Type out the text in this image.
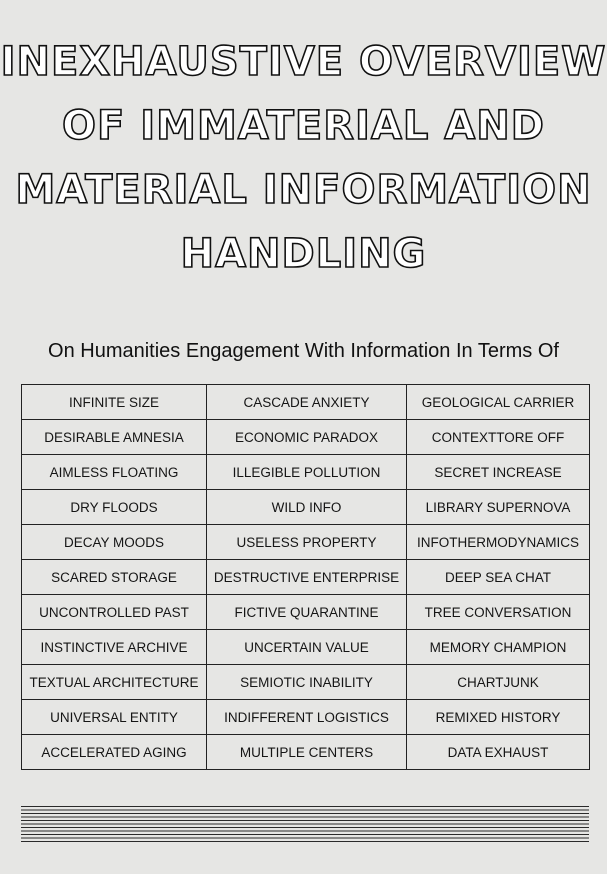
INEXHAUSTIVE OVERVIEW
OF IMMATERIAL AND
MATERIAL INFORMATION
HANDLING
On Humanities Engagement With Information In Terms Of
INFINITE SIZE	CASCADE ANXIETY	GEOLOGICAL CARRIER
DESIRABLE AMNESIA	ECONOMIC PARADOX	CONTEXTTORE OFF
AIMLESS FLOATING	ILLEGIBLE POLLUTION	SECRET INCREASE
DRY FLOODS	WILD INFO	LIBRARY SUPERNOVA
DECAY MOODS	USELESS PROPERTY	INFOTHERMODYNAMICS
SCARED STORAGE	DESTRUCTIVE ENTERPRISE	DEEP SEA CHAT
UNCONTROLLED PAST	FICTIVE QUARANTINE	TREE CONVERSATION
INSTINCTIVE ARCHIVE	UNCERTAIN VALUE	MEMORY CHAMPION
TEXTUAL ARCHITECTURE	SEMIOTIC INABILITY	CHARTJUNK
UNIVERSAL ENTITY	INDIFFERENT LOGISTICS	REMIXED HISTORY
ACCELERATED AGING	MULTIPLE CENTERS	DATA EXHAUST
